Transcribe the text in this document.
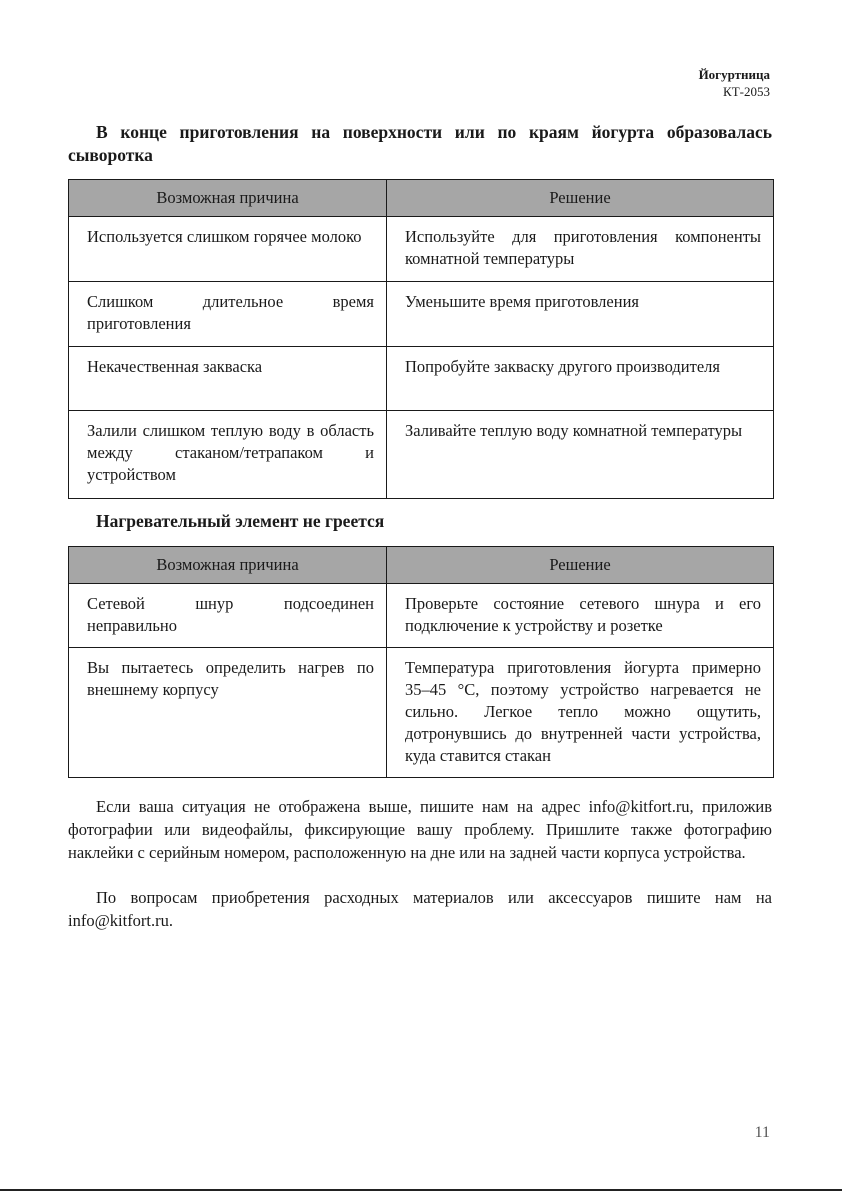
Йогуртница
КТ-2053
В конце приготовления на поверхности или по краям йогурта образовалась сыворотка
Возможная причина	Решение
Используется слишком горячее молоко	Используйте для приготовления компоненты комнатной температуры
Слишком длительное время приготовления	Уменьшите время приготовления
Некачественная закваска	Попробуйте закваску другого производителя
Залили слишком теплую воду в область между стаканом/тетрапаком и устройством	Заливайте теплую воду комнатной температуры
Нагревательный элемент не греется
Возможная причина	Решение
Сетевой шнур подсоединен неправильно	Проверьте состояние сетевого шнура и его подключение к устройству и розетке
Вы пытаетесь определить нагрев по внешнему корпусу	Температура приготовления йогурта примерно 35–45 °С, поэтому устройство нагревается не сильно. Легкое тепло можно ощутить, дотронувшись до внутренней части устройства, куда ставится стакан

Если ваша ситуация не отображена выше, пишите нам на адрес info@kitfort.ru, приложив фотографии или видеофайлы, фиксирующие вашу проблему. Пришлите также фотографию наклейки с серийным номером, расположенную на дне или на задней части корпуса устройства.

По вопросам приобретения расходных материалов или аксессуаров пишите нам на info@kitfort.ru.

11
